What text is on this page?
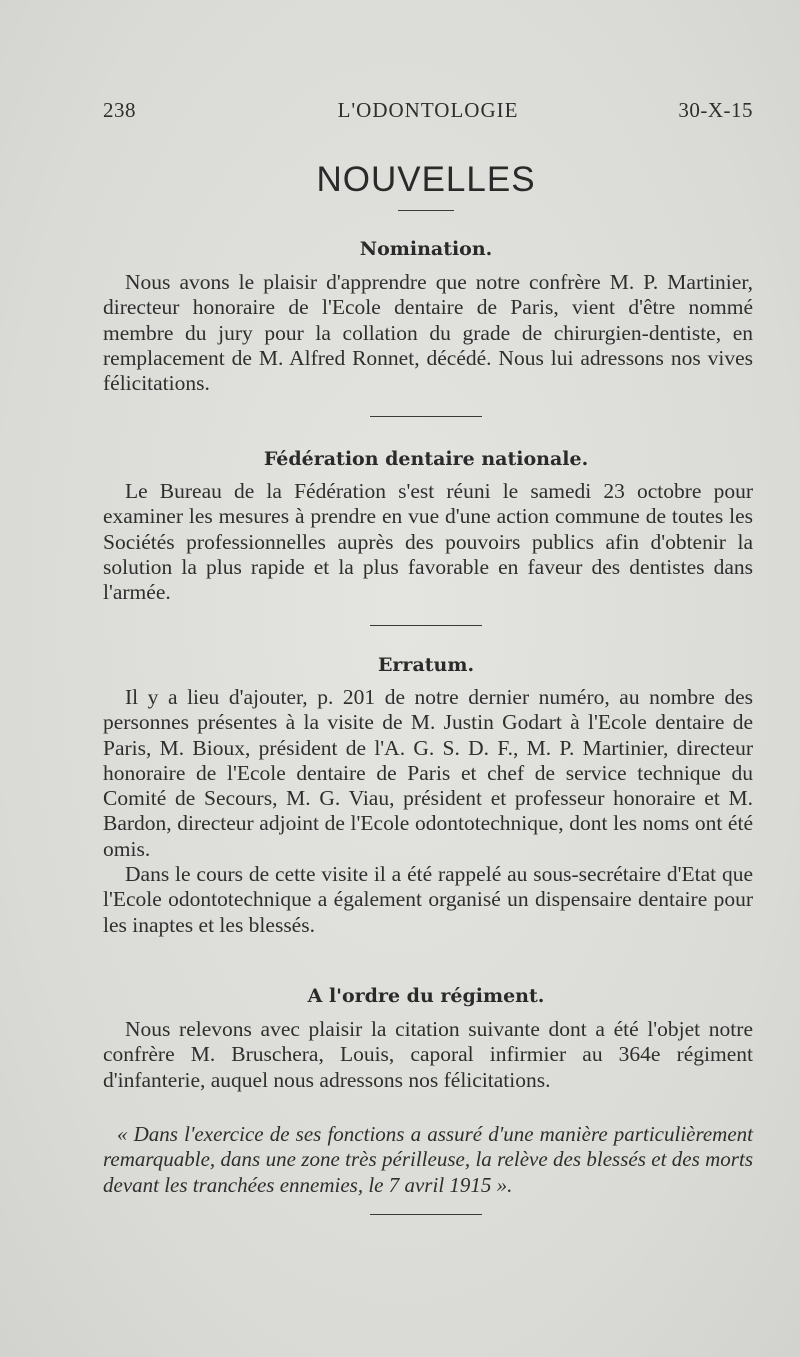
238	L'ODONTOLOGIE	30-X-15
NOUVELLES
Nomination.
Nous avons le plaisir d'apprendre que notre confrère M. P. Martinier, directeur honoraire de l'Ecole dentaire de Paris, vient d'être nommé membre du jury pour la collation du grade de chirurgien-dentiste, en remplacement de M. Alfred Ronnet, décédé. Nous lui adressons nos vives félicitations.
Fédération dentaire nationale.
Le Bureau de la Fédération s'est réuni le samedi 23 octobre pour examiner les mesures à prendre en vue d'une action commune de toutes les Sociétés professionnelles auprès des pouvoirs publics afin d'obtenir la solution la plus rapide et la plus favorable en faveur des dentistes dans l'armée.
Erratum.
Il y a lieu d'ajouter, p. 201 de notre dernier numéro, au nombre des personnes présentes à la visite de M. Justin Godart à l'Ecole dentaire de Paris, M. Bioux, président de l'A. G. S. D. F., M. P. Martinier, directeur honoraire de l'Ecole dentaire de Paris et chef de service technique du Comité de Secours, M. G. Viau, président et professeur honoraire et M. Bardon, directeur adjoint de l'Ecole odontotechnique, dont les noms ont été omis.
Dans le cours de cette visite il a été rappelé au sous-secrétaire d'Etat que l'Ecole odontotechnique a également organisé un dispensaire dentaire pour les inaptes et les blessés.
A l'ordre du régiment.
Nous relevons avec plaisir la citation suivante dont a été l'objet notre confrère M. Bruschera, Louis, caporal infirmier au 364e régiment d'infanterie, auquel nous adressons nos félicitations.
« Dans l'exercice de ses fonctions a assuré d'une manière particulièrement remarquable, dans une zone très périlleuse, la relève des blessés et des morts devant les tranchées ennemies, le 7 avril 1915 ».
